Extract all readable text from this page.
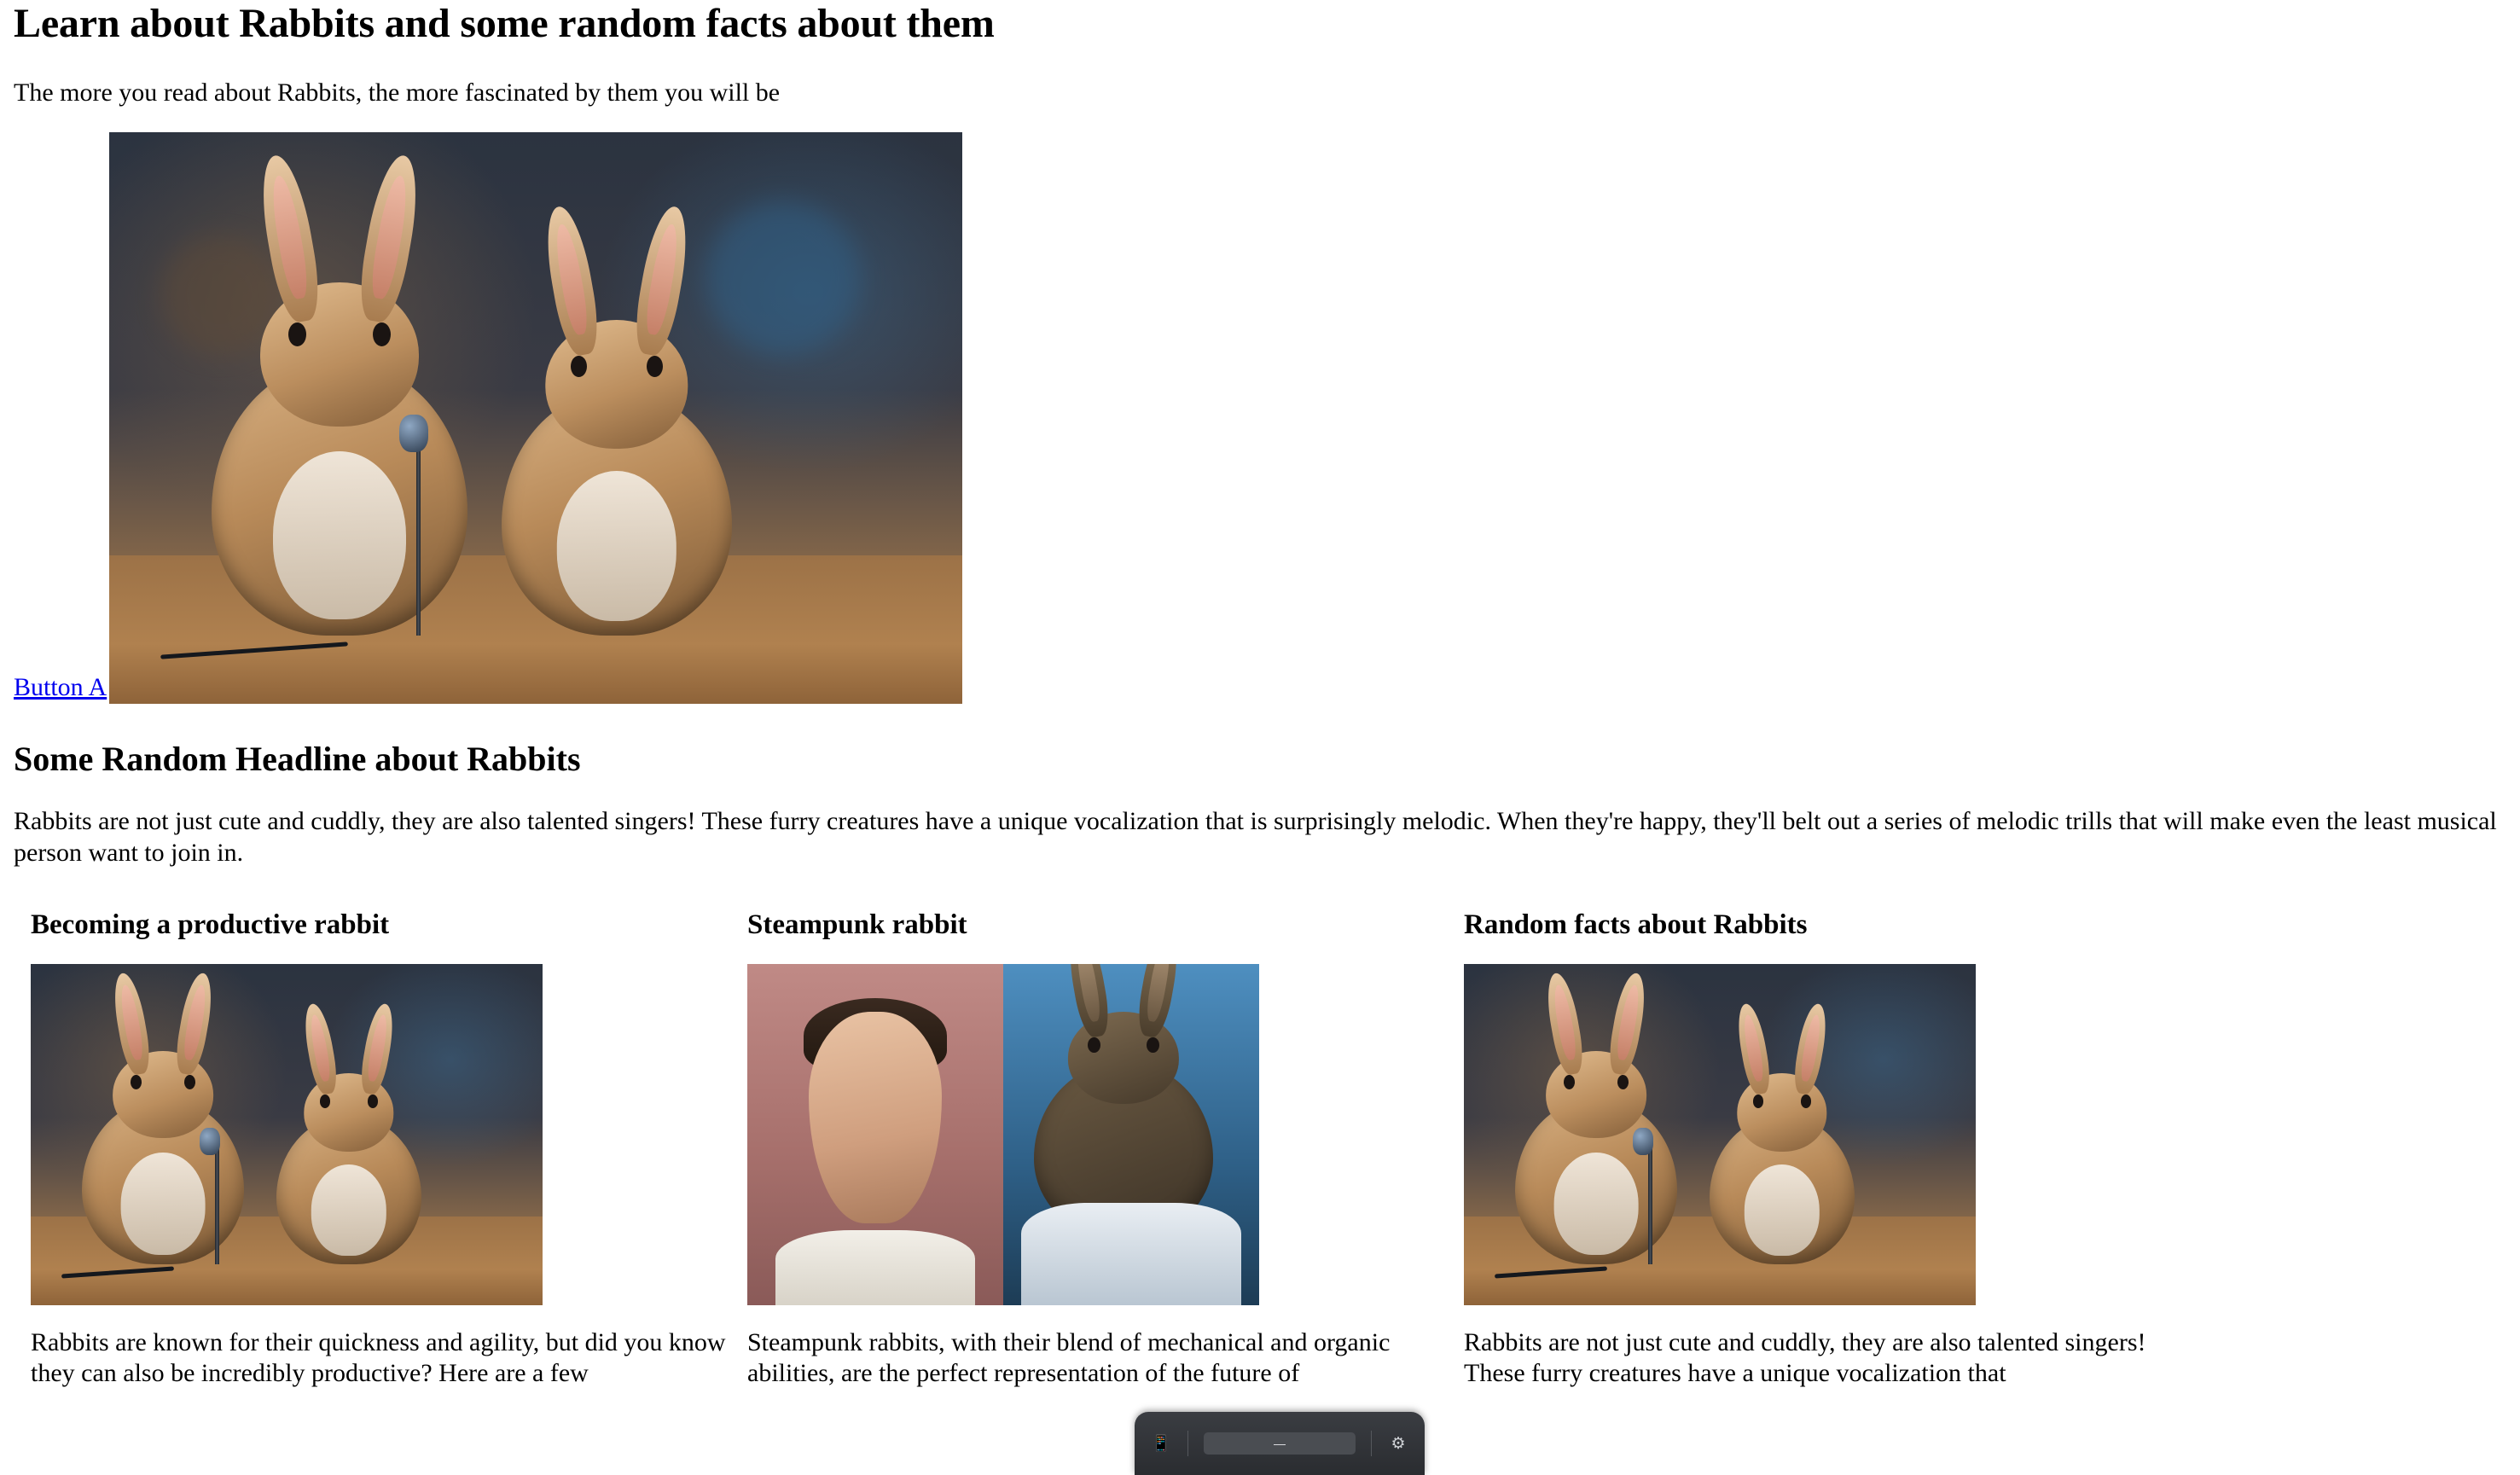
Learn about Rabbits and some random facts about them

The more you read about Rabbits, the more fascinated by them you will be

Button A
Some Random Headline about Rabbits

Rabbits are not just cute and cuddly, they are also talented singers! These furry creatures have a unique vocalization that is surprisingly melodic. When they're happy, they'll belt out a series of melodic trills that will make even the least musical person want to join in.

Becoming a productive rabbit

Rabbits are known for their quickness and agility, but did you know they can also be incredibly productive? Here are a few

Steampunk rabbit

Steampunk rabbits, with their blend of mechanical and organic abilities, are the perfect representation of the future of

Random facts about Rabbits

Rabbits are not just cute and cuddly, they are also talented singers! These furry creatures have a unique vocalization that

📱	—	⚙
